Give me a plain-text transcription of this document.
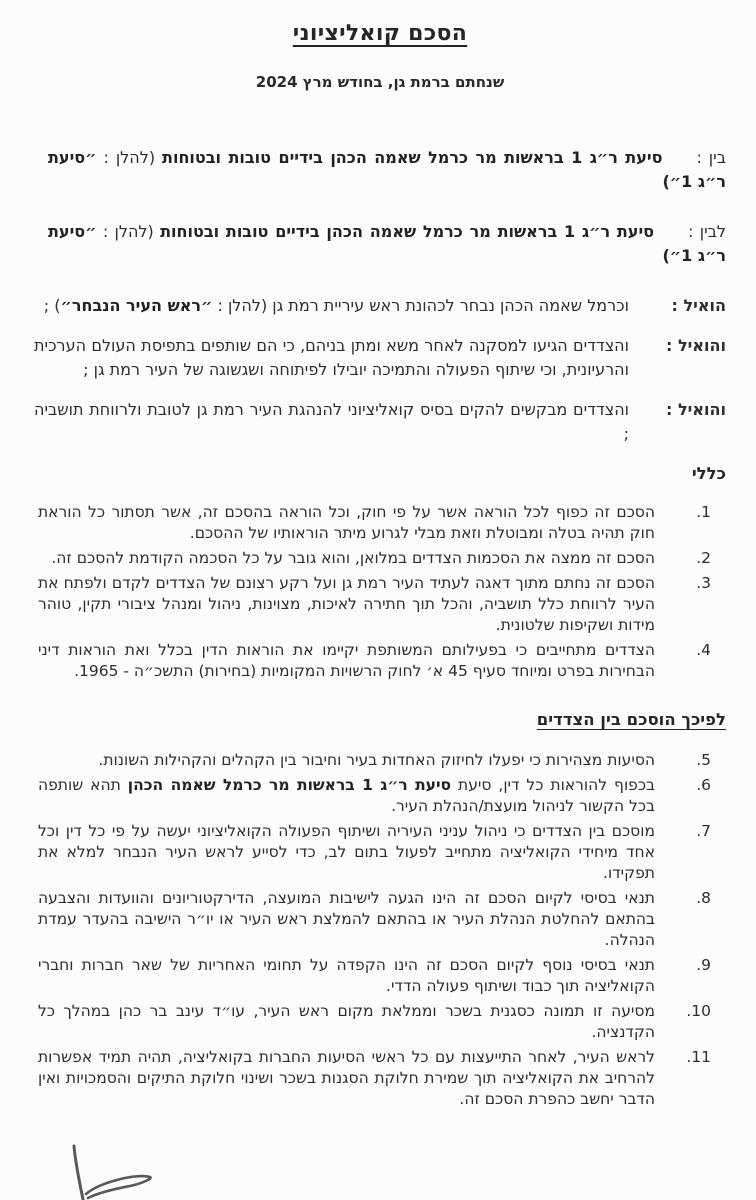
הסכם קואליציוני
שנחתם ברמת גן, בחודש מרץ 2024

בין :סיעת ר״ג 1 בראשות מר כרמל שאמה הכהן בידיים טובות ובטוחות (להלן : ״סיעת ר״ג 1״)

לבין :סיעת ר״ג 1 בראשות מר כרמל שאמה הכהן בידיים טובות ובטוחות (להלן : ״סיעת ר״ג 1״)

הואיל :
וכרמל שאמה הכהן נבחר לכהונת ראש עיריית רמת גן (להלן : ״ראש העיר הנבחר״) ;
והואיל :
והצדדים הגיעו למסקנה לאחר משא ומתן בניהם, כי הם שותפים בתפיסת העולם הערכית והרעיונית, וכי שיתוף הפעולה והתמיכה יובילו לפיתוחה ושגשוגה של העיר רמת גן ;
והואיל :
והצדדים מבקשים להקים בסיס קואליציוני להנהגת העיר רמת גן לטובת ולרווחת תושביה ;
כללי
1.
הסכם זה כפוף לכל הוראה אשר על פי חוק, וכל הוראה בהסכם זה, אשר תסתור כל הוראת חוק תהיה בטלה ומבוטלת וזאת מבלי לגרוע מיתר הוראותיו של ההסכם.
2.
הסכם זה ממצה את הסכמות הצדדים במלואן, והוא גובר על כל הסכמה הקודמת להסכם זה.
3.
הסכם זה נחתם מתוך דאגה לעתיד העיר רמת גן ועל רקע רצונם של הצדדים לקדם ולפתח את העיר לרווחת כלל תושביה, והכל תוך חתירה לאיכות, מצוינות, ניהול ומנהל ציבורי תקין, טוהר מידות ושקיפות שלטונית.
4.
הצדדים מתחייבים כי בפעילותם המשותפת יקיימו את הוראות הדין בכלל ואת הוראות דיני הבחירות בפרט ומיוחד סעיף 45 א׳ לחוק הרשויות המקומיות (בחירות) התשכ״ה - 1965.
לפיכך הוסכם בין הצדדים
5.
הסיעות מצהירות כי יפעלו לחיזוק האחדות בעיר וחיבור בין הקהלים והקהילות השונות.
6.
בכפוף להוראות כל דין, סיעת סיעת ר״ג 1 בראשות מר כרמל שאמה הכהן תהא שותפה בכל הקשור לניהול מועצת/הנהלת העיר.
7.
מוסכם בין הצדדים כי ניהול עניני העיריה ושיתוף הפעולה הקואליציוני יעשה על פי כל דין וכל אחד מיחידי הקואליציה מתחייב לפעול בתום לב, כדי לסייע לראש העיר הנבחר למלא את תפקידו.
8.
תנאי בסיסי לקיום הסכם זה הינו הגעה לישיבות המועצה, הדירקטוריונים והוועדות והצבעה בהתאם להחלטת הנהלת העיר או בהתאם להמלצת ראש העיר או יו״ר הישיבה בהעדר עמדת הנהלה.
9.
תנאי בסיסי נוסף לקיום הסכם זה הינו הקפדה על תחומי האחריות של שאר חברות וחברי הקואליציה תוך כבוד ושיתוף פעולה הדדי.
10.
מסיעה זו תמונה כסגנית בשכר וממלאת מקום ראש העיר, עו״ד עינב בר כהן במהלך כל הקדנציה.
11.
לראש העיר, לאחר התייעצות עם כל ראשי הסיעות החברות בקואליציה, תהיה תמיד אפשרות להרחיב את הקואליציה תוך שמירת חלוקת הסגנות בשכר ושינוי חלוקת התיקים והסמכויות ואין הדבר יחשב כהפרת הסכם זה.
